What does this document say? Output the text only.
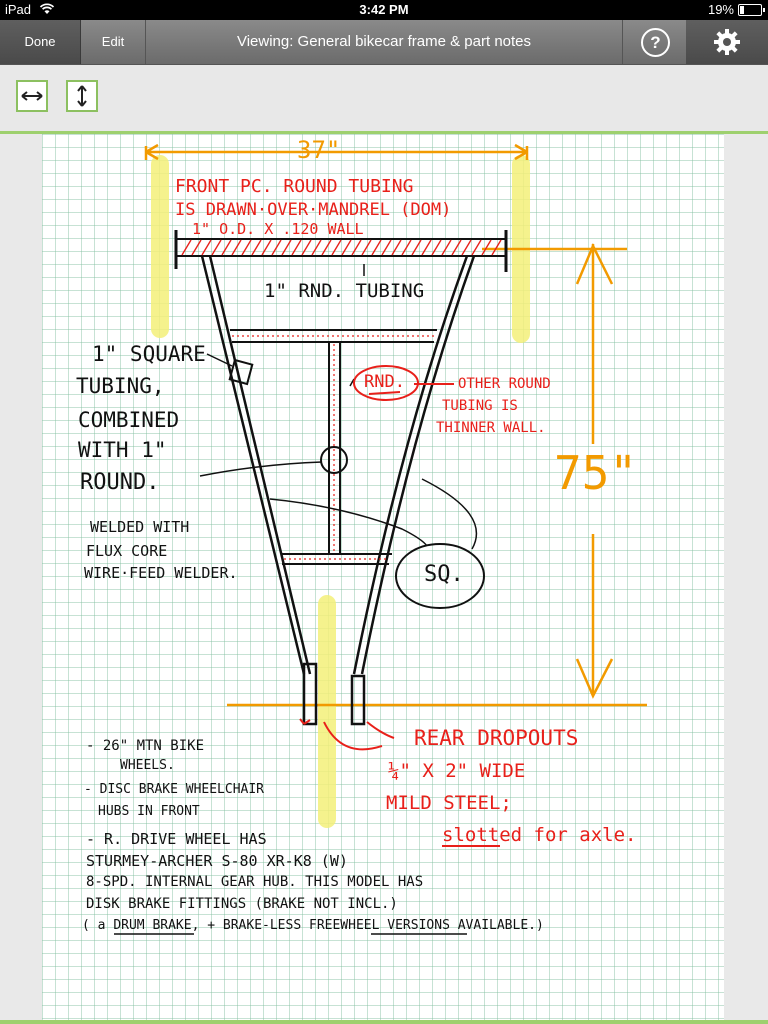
iPad	3:42 PM	19%
Done	Edit	Viewing: General bikecar frame & part notes	?
37"
FRONT PC. ROUND TUBING
IS DRAWN·OVER·MANDREL (DOM)
1" O.D. X .120 WALL
1" RND. TUBING
1" SQUARE
TUBING,
COMBINED
WITH 1"
ROUND.
RND.	OTHER ROUND
TUBING IS
THINNER WALL.
75"
WELDED WITH
FLUX CORE
WIRE·FEED WELDER.	SQ.
REAR DROPOUTS
¼" X 2" WIDE
MILD STEEL;
slotted for axle.
- 26" MTN BIKE
WHEELS.
- DISC BRAKE WHEELCHAIR
HUBS IN FRONT
- R. DRIVE WHEEL HAS
STURMEY-ARCHER S-80 XR-K8 (W)
8-SPD. INTERNAL GEAR HUB. THIS MODEL HAS
DISK BRAKE FITTINGS (BRAKE NOT INCL.)
( a DRUM BRAKE, + BRAKE-LESS FREEWHEEL VERSIONS AVAILABLE.)
